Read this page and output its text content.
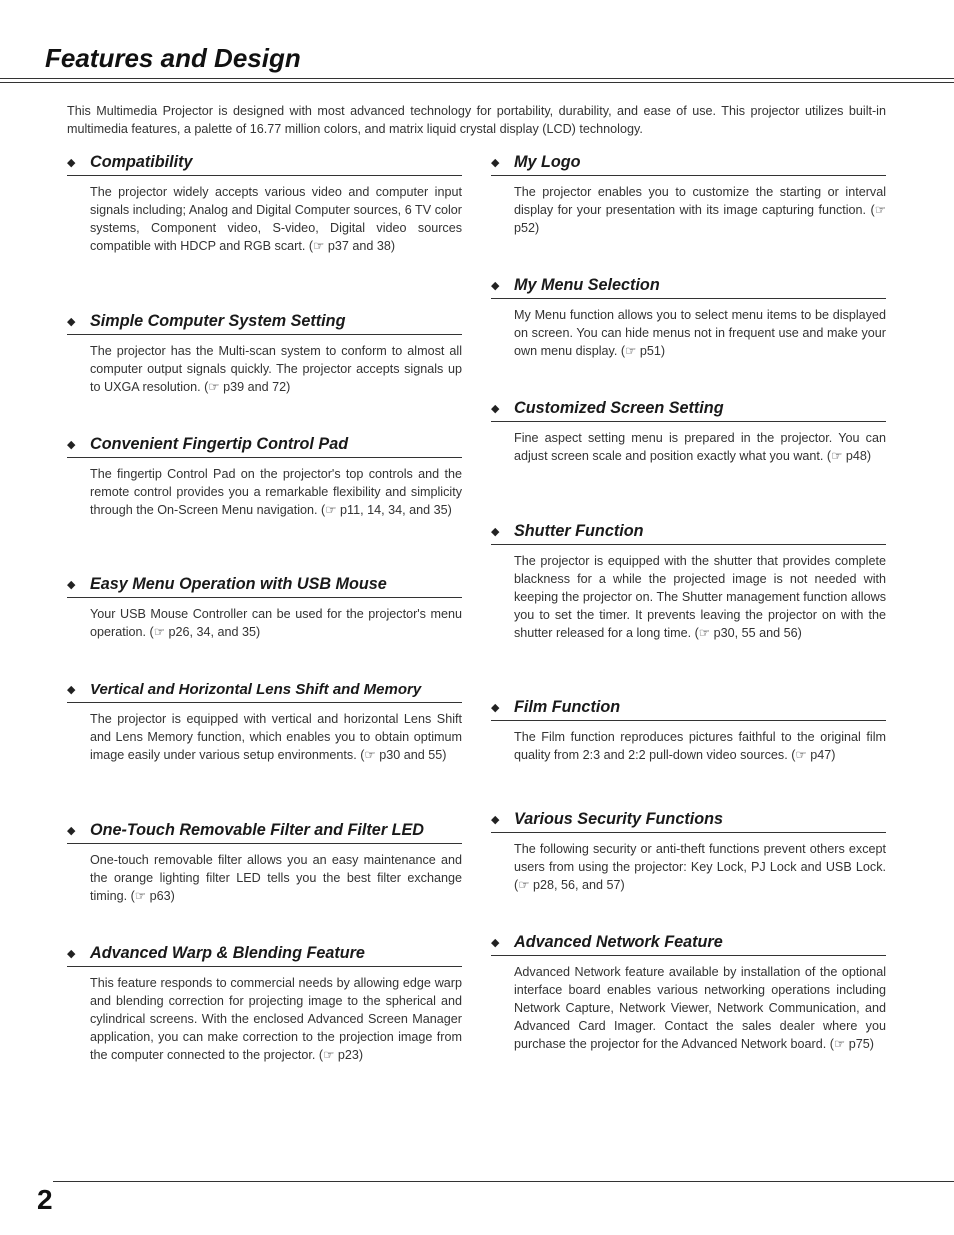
Features and Design

This Multimedia Projector is designed with most advanced technology for portability, durability, and ease of use. This projector utilizes built-in multimedia features, a palette of 16.77 million colors, and matrix liquid crystal display (LCD) technology.

◆ Compatibility

The projector widely accepts various video and computer input signals including; Analog and Digital Computer sources, 6 TV color systems, Component video, S-video, Digital video sources compatible with HDCP and RGB scart. (☞ p37 and 38)

◆ Simple Computer System Setting

The projector has the Multi-scan system to conform to almost all computer output signals quickly. The projector accepts signals up to UXGA resolution. (☞ p39 and 72)

◆ Convenient Fingertip Control Pad

The fingertip Control Pad on the projector's top controls and the remote control provides you a remarkable flexibility and simplicity through the On-Screen Menu navigation. (☞ p11, 14, 34, and 35)

◆ Easy Menu Operation with USB Mouse

Your USB Mouse Controller can be used for the projector's menu operation. (☞ p26, 34, and 35)

◆ Vertical and Horizontal Lens Shift and Memory

The projector is equipped with vertical and horizontal Lens Shift and Lens Memory function, which enables you to obtain optimum image easily under various setup environments. (☞ p30 and 55)

◆ One-Touch Removable Filter and Filter LED

One-touch removable filter allows you an easy maintenance and the orange lighting filter LED tells you the best filter exchange timing. (☞ p63)

◆ Advanced Warp & Blending Feature

This feature responds to commercial needs by allowing edge warp and blending correction for projecting image to the spherical and cylindrical screens. With the enclosed Advanced Screen Manager application, you can make correction to the projection image from the computer connected to the projector. (☞ p23)

◆ My Logo

The projector enables you to customize the starting or interval display for your presentation with its image capturing function. (☞ p52)

◆ My Menu Selection

My Menu function allows you to select menu items to be displayed on screen. You can hide menus not in frequent use and make your own menu display. (☞ p51)

◆ Customized Screen Setting

Fine aspect setting menu is prepared in the projector. You can adjust screen scale and position exactly what you want. (☞ p48)

◆ Shutter Function

The projector is equipped with the shutter that provides complete blackness for a while the projected image is not needed with keeping the projector on. The Shutter management function allows you to set the timer. It prevents leaving the projector on with the shutter released for a long time. (☞ p30, 55 and 56)

◆ Film Function

The Film function reproduces pictures faithful to the original film quality from 2:3 and 2:2 pull-down video sources. (☞ p47)

◆ Various Security Functions

The following security or anti-theft functions prevent others except users from using the projector: Key Lock, PJ Lock and USB Lock. (☞ p28, 56, and 57)

◆ Advanced Network Feature

Advanced Network feature available by installation of the optional interface board enables various networking operations including Network Capture, Network Viewer, Network Communication, and Advanced Card Imager. Contact the sales dealer where you purchase the projector for the Advanced Network board. (☞ p75)

2
